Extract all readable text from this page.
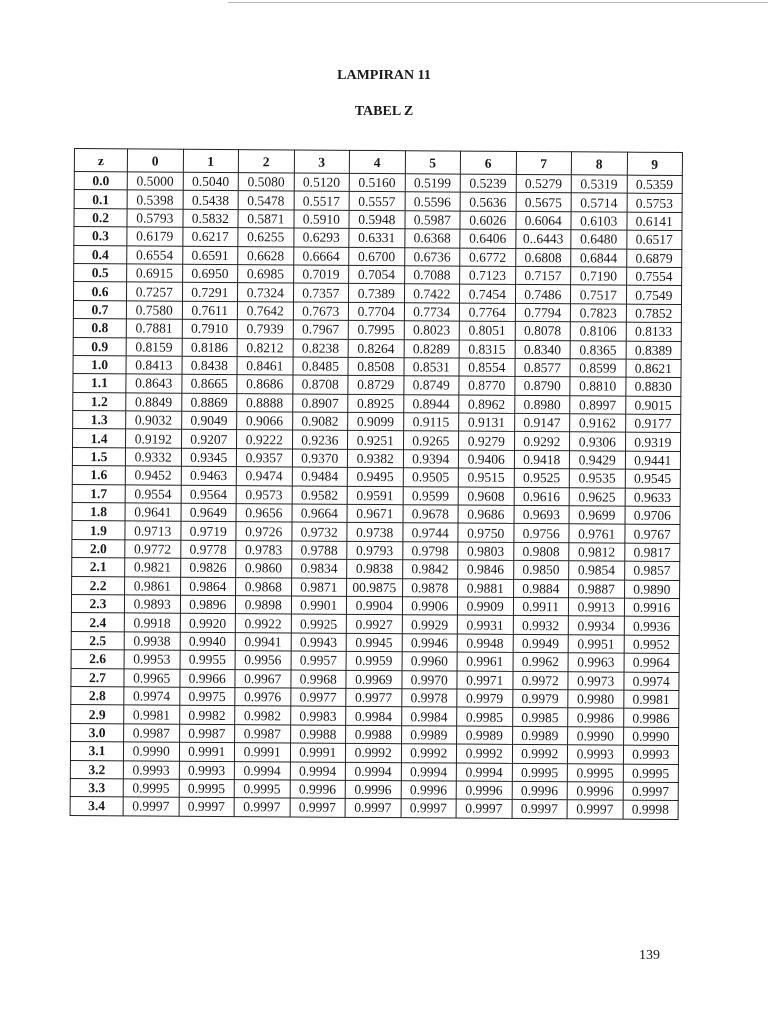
LAMPIRAN 11
TABEL Z
z	0	1	2	3	4	5	6	7	8	9
0.0	0.5000	0.5040	0.5080	0.5120	0.5160	0.5199	0.5239	0.5279	0.5319	0.5359
0.1	0.5398	0.5438	0.5478	0.5517	0.5557	0.5596	0.5636	0.5675	0.5714	0.5753
0.2	0.5793	0.5832	0.5871	0.5910	0.5948	0.5987	0.6026	0.6064	0.6103	0.6141
0.3	0.6179	0.6217	0.6255	0.6293	0.6331	0.6368	0.6406	0..6443	0.6480	0.6517
0.4	0.6554	0.6591	0.6628	0.6664	0.6700	0.6736	0.6772	0.6808	0.6844	0.6879
0.5	0.6915	0.6950	0.6985	0.7019	0.7054	0.7088	0.7123	0.7157	0.7190	0.7554
0.6	0.7257	0.7291	0.7324	0.7357	0.7389	0.7422	0.7454	0.7486	0.7517	0.7549
0.7	0.7580	0.7611	0.7642	0.7673	0.7704	0.7734	0.7764	0.7794	0.7823	0.7852
0.8	0.7881	0.7910	0.7939	0.7967	0.7995	0.8023	0.8051	0.8078	0.8106	0.8133
0.9	0.8159	0.8186	0.8212	0.8238	0.8264	0.8289	0.8315	0.8340	0.8365	0.8389
1.0	0.8413	0.8438	0.8461	0.8485	0.8508	0.8531	0.8554	0.8577	0.8599	0.8621
1.1	0.8643	0.8665	0.8686	0.8708	0.8729	0.8749	0.8770	0.8790	0.8810	0.8830
1.2	0.8849	0.8869	0.8888	0.8907	0.8925	0.8944	0.8962	0.8980	0.8997	0.9015
1.3	0.9032	0.9049	0.9066	0.9082	0.9099	0.9115	0.9131	0.9147	0.9162	0.9177
1.4	0.9192	0.9207	0.9222	0.9236	0.9251	0.9265	0.9279	0.9292	0.9306	0.9319
1.5	0.9332	0.9345	0.9357	0.9370	0.9382	0.9394	0.9406	0.9418	0.9429	0.9441
1.6	0.9452	0.9463	0.9474	0.9484	0.9495	0.9505	0.9515	0.9525	0.9535	0.9545
1.7	0.9554	0.9564	0.9573	0.9582	0.9591	0.9599	0.9608	0.9616	0.9625	0.9633
1.8	0.9641	0.9649	0.9656	0.9664	0.9671	0.9678	0.9686	0.9693	0.9699	0.9706
1.9	0.9713	0.9719	0.9726	0.9732	0.9738	0.9744	0.9750	0.9756	0.9761	0.9767
2.0	0.9772	0.9778	0.9783	0.9788	0.9793	0.9798	0.9803	0.9808	0.9812	0.9817
2.1	0.9821	0.9826	0.9860	0.9834	0.9838	0.9842	0.9846	0.9850	0.9854	0.9857
2.2	0.9861	0.9864	0.9868	0.9871	00.9875	0.9878	0.9881	0.9884	0.9887	0.9890
2.3	0.9893	0.9896	0.9898	0.9901	0.9904	0.9906	0.9909	0.9911	0.9913	0.9916
2.4	0.9918	0.9920	0.9922	0.9925	0.9927	0.9929	0.9931	0.9932	0.9934	0.9936
2.5	0.9938	0.9940	0.9941	0.9943	0.9945	0.9946	0.9948	0.9949	0.9951	0.9952
2.6	0.9953	0.9955	0.9956	0.9957	0.9959	0.9960	0.9961	0.9962	0.9963	0.9964
2.7	0.9965	0.9966	0.9967	0.9968	0.9969	0.9970	0.9971	0.9972	0.9973	0.9974
2.8	0.9974	0.9975	0.9976	0.9977	0.9977	0.9978	0.9979	0.9979	0.9980	0.9981
2.9	0.9981	0.9982	0.9982	0.9983	0.9984	0.9984	0.9985	0.9985	0.9986	0.9986
3.0	0.9987	0.9987	0.9987	0.9988	0.9988	0.9989	0.9989	0.9989	0.9990	0.9990
3.1	0.9990	0.9991	0.9991	0.9991	0.9992	0.9992	0.9992	0.9992	0.9993	0.9993
3.2	0.9993	0.9993	0.9994	0.9994	0.9994	0.9994	0.9994	0.9995	0.9995	0.9995
3.3	0.9995	0.9995	0.9995	0.9996	0.9996	0.9996	0.9996	0.9996	0.9996	0.9997
3.4	0.9997	0.9997	0.9997	0.9997	0.9997	0.9997	0.9997	0.9997	0.9997	0.9998
139
